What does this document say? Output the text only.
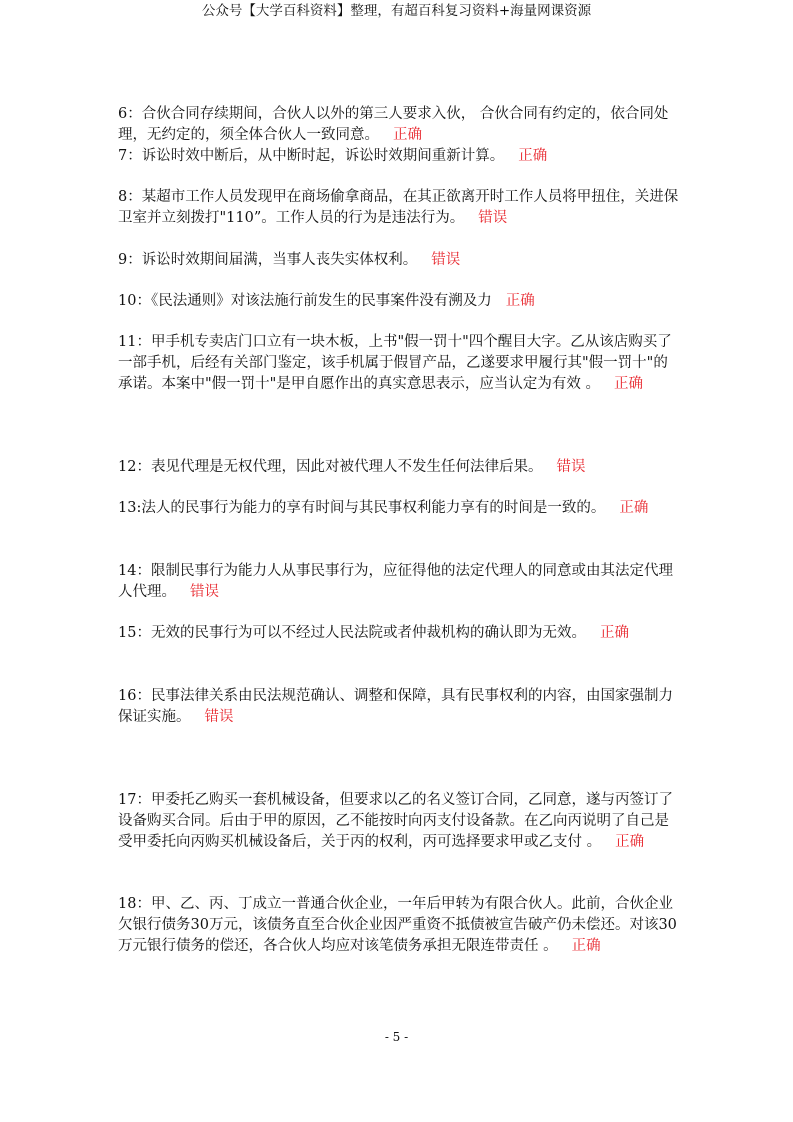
公众号【大学百科资料】整理，有超百科复习资料+海量网课资源

6：合伙合同存续期间，合伙人以外的第三人要求入伙， 合伙合同有约定的，依合同处理，无约定的，须全体合伙人一致同意。 正确

7：诉讼时效中断后，从中断时起，诉讼时效期间重新计算。 正确

8：某超市工作人员发现甲在商场偷拿商品，在其正欲离开时工作人员将甲扭住，关进保卫室并立刻拨打"110”。工作人员的行为是违法行为。 错误

9：诉讼时效期间届满，当事人丧失实体权利。 错误

10：《民法通则》对该法施行前发生的民事案件没有溯及力 正确

11：甲手机专卖店门口立有一块木板，上书"假一罚十"四个醒目大字。乙从该店购买了一部手机，后经有关部门鉴定，该手机属于假冒产品，乙遂要求甲履行其"假一罚十"的承诺。本案中"假一罚十"是甲自愿作出的真实意思表示，应当认定为有效 。 正确

12：表见代理是无权代理，因此对被代理人不发生任何法律后果。 错误

13:法人的民事行为能力的享有时间与其民事权利能力享有的时间是一致的。 正确

14：限制民事行为能力人从事民事行为，应征得他的法定代理人的同意或由其法定代理人代理。 错误

15：无效的民事行为可以不经过人民法院或者仲裁机构的确认即为无效。 正确

16：民事法律关系由民法规范确认、调整和保障，具有民事权利的内容，由国家强制力保证实施。 错误

17：甲委托乙购买一套机械设备，但要求以乙的名义签订合同，乙同意，遂与丙签订了设备购买合同。后由于甲的原因，乙不能按时向丙支付设备款。在乙向丙说明了自己是受甲委托向丙购买机械设备后，关于丙的权利，丙可选择要求甲或乙支付 。 正确

18：甲、乙、丙、丁成立一普通合伙企业，一年后甲转为有限合伙人。此前，合伙企业欠银行债务30万元，该债务直至合伙企业因严重资不抵债被宣告破产仍未偿还。对该30万元银行债务的偿还，各合伙人均应对该笔债务承担无限连带责任 。 正确

- 5 -
